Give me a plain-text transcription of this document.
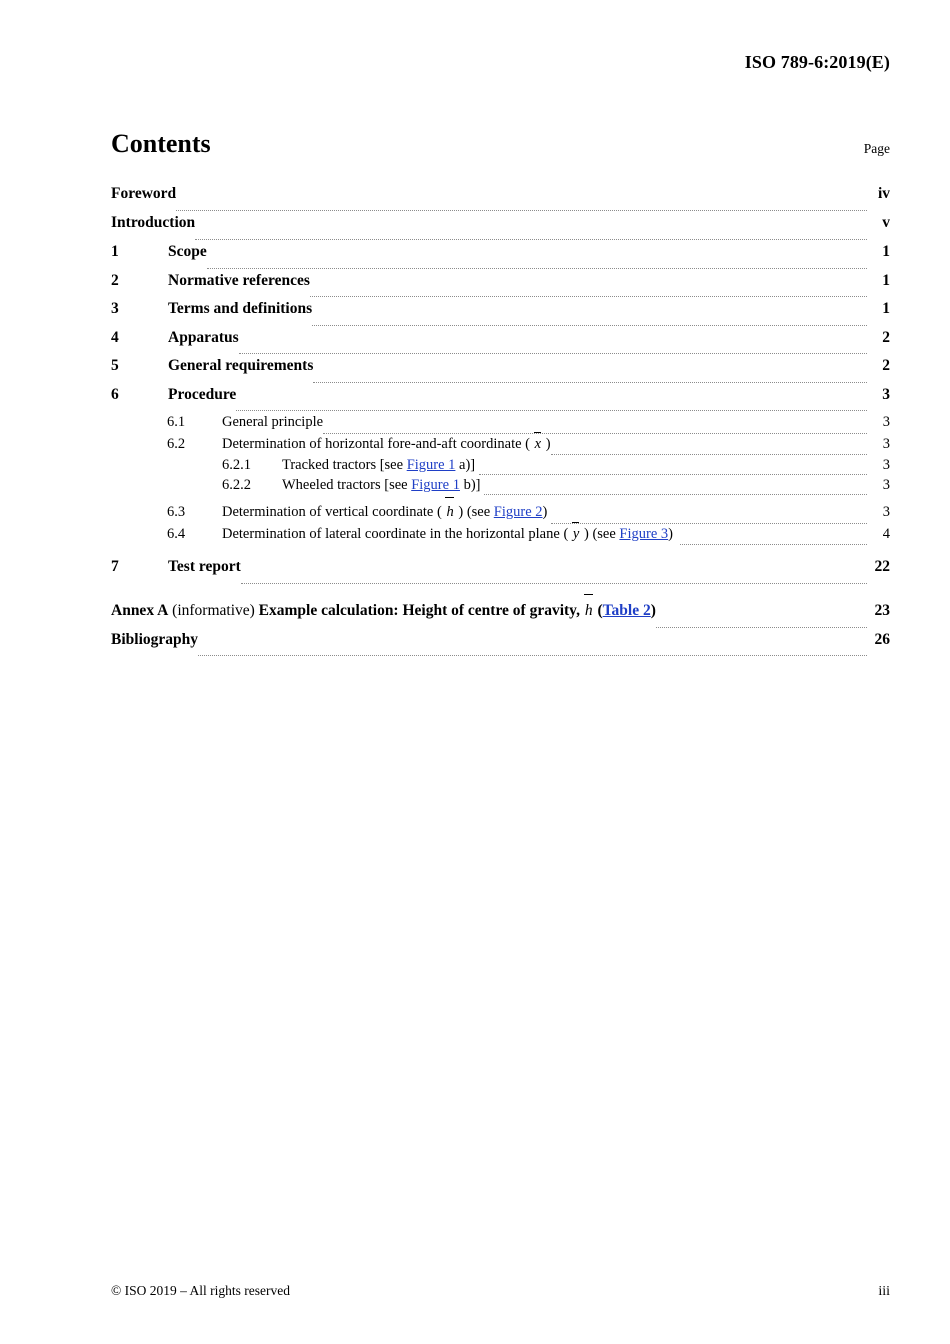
ISO 789-6:2019(E)
Contents	Page
Foreword	iv
Introduction	v
1	Scope	1
2	Normative references	1
3	Terms and definitions	1
4	Apparatus	2
5	General requirements	2
6	Procedure	3
6.1	General principle	3
6.2	Determination of horizontal fore-and-aft coordinate ( x )	3
6.2.1	Tracked tractors [see Figure 1 a)]	3
6.2.2	Wheeled tractors [see Figure 1 b)]	3
6.3	Determination of vertical coordinate ( h ) (see Figure 2)	3
6.4	Determination of lateral coordinate in the horizontal plane ( y ) (see Figure 3)	4
7	Test report	22
Annex A (informative) Example calculation: Height of centre of gravity, h (Table 2)	23
Bibliography	26
© ISO 2019 – All rights reserved	iii
